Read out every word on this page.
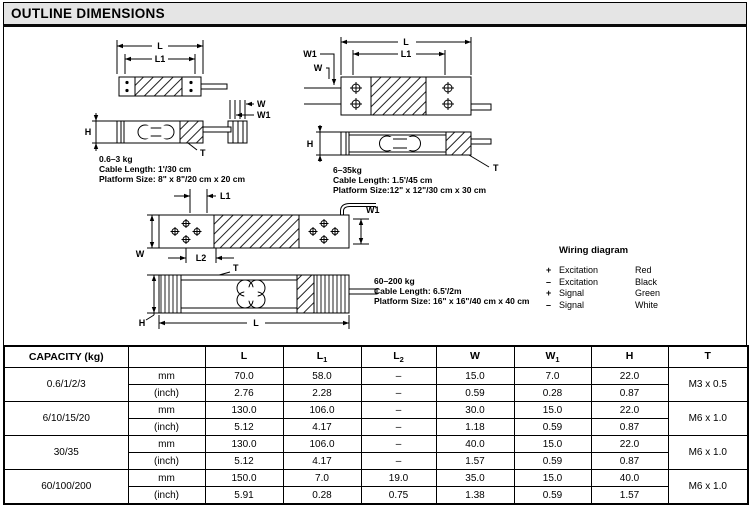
OUTLINE DIMENSIONS
L
L1
W
W1
H
T
L
L1
W1
W
H
T
L1
W	L2
W1
T
H	L
0.6–3 kg
Cable Length: 1'/30 cm
Platform Size: 8" x 8"/20 cm x 20 cm
6–35kg
Cable Length: 1.5'/45 cm
Platform Size:12" x 12"/30 cm x 30 cm
60–200 kg
Cable Length: 6.5'/2m
Platform Size: 16" x 16"/40 cm x 40 cm
Wiring diagram
+ Excitation	Red
– Excitation	Black
+ Signal	Green
– Signal	White
CAPACITY (kg)		L	$L_1$	$L_2$	W	$W_1$	H	T
0.6/1/2/3	mm	70.0	58.0	–	15.0	7.0	22.0	M3 x 0.5
	(inch)	2.76	2.28	–	0.59	0.28	0.87	
6/10/15/20	mm	130.0	106.0	–	30.0	15.0	22.0	M6 x 1.0
	(inch)	5.12	4.17	–	1.18	0.59	0.87	
30/35	mm	130.0	106.0	–	40.0	15.0	22.0	M6 x 1.0
	(inch)	5.12	4.17	–	1.57	0.59	0.87	
60/100/200	mm	150.0	7.0	19.0	35.0	15.0	40.0	M6 x 1.0
	(inch)	5.91	0.28	0.75	1.38	0.59	1.57	
